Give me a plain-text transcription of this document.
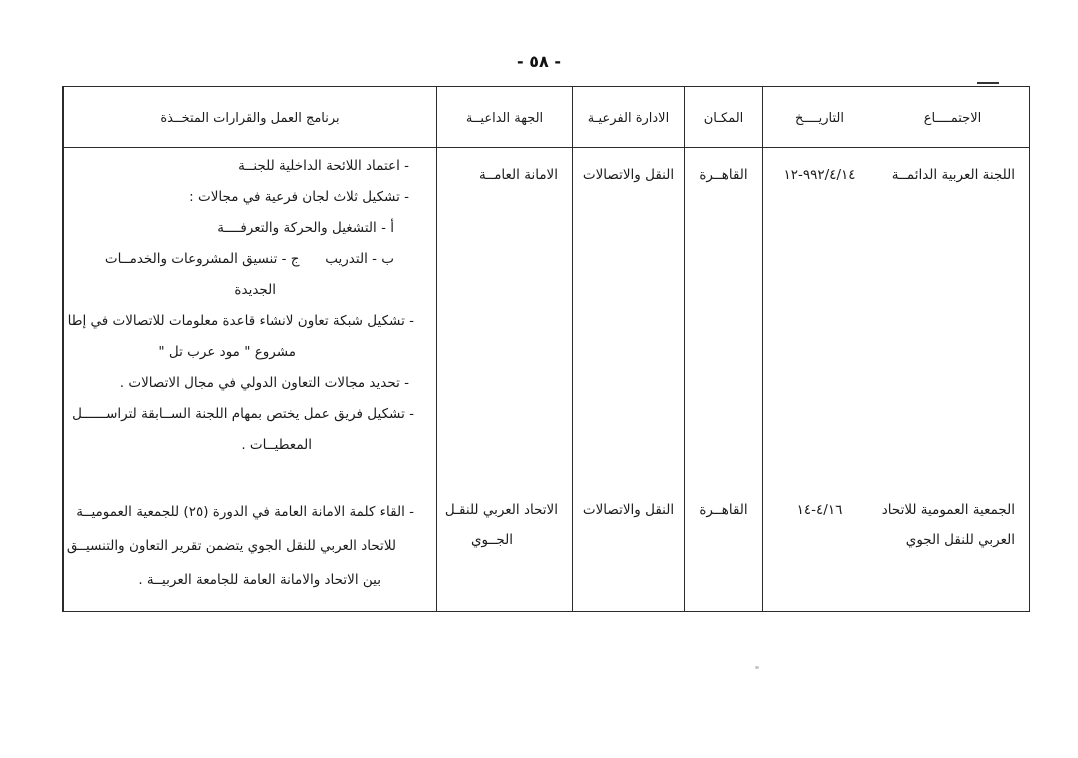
- ٥٨ -
الاجتمــــاع
التاريــــخ
المكـان
الادارة الفرعيـة
الجهة الداعيــة
برنامج العمل والقرارات المتخــذة
اللجنة العربية الدائمــة
٩٩٢/٤/١٤-١٢
القاهــرة
النقل والاتصالات
الامانة العامــة
- اعتماد اللائحة الداخلية للجنــة
- تشكيل ثلاث لجان فرعية في مجالات :
أ - التشغيل والحركة والتعرفــــة
ب - التدريب      ج - تنسيق المشروعات والخدمــات
الجديدة
- تشكيل شبكة تعاون لانشاء قاعدة معلومات للاتصالات في إطا
مشروع " مود عرب تل "
- تحديد مجالات التعاون الدولي في مجال الاتصالات .
- تشكيل فريق عمل يختص بمهام اللجنة الســابقة لتراســــــل
المعطيــات .
الجمعية العمومية للاتحاد
العربي للنقل الجوي
٤/١٦-١٤
القاهــرة
النقل والاتصالات
الاتحاد العربي للنقـل
الجــوي
- القاء كلمة الامانة العامة في الدورة (٢٥) للجمعية العموميــة
للاتحاد العربي للنقل الجوي يتضمن تقرير التعاون والتنسيــق
بين الاتحاد والامانة العامة للجامعة العربيــة .
